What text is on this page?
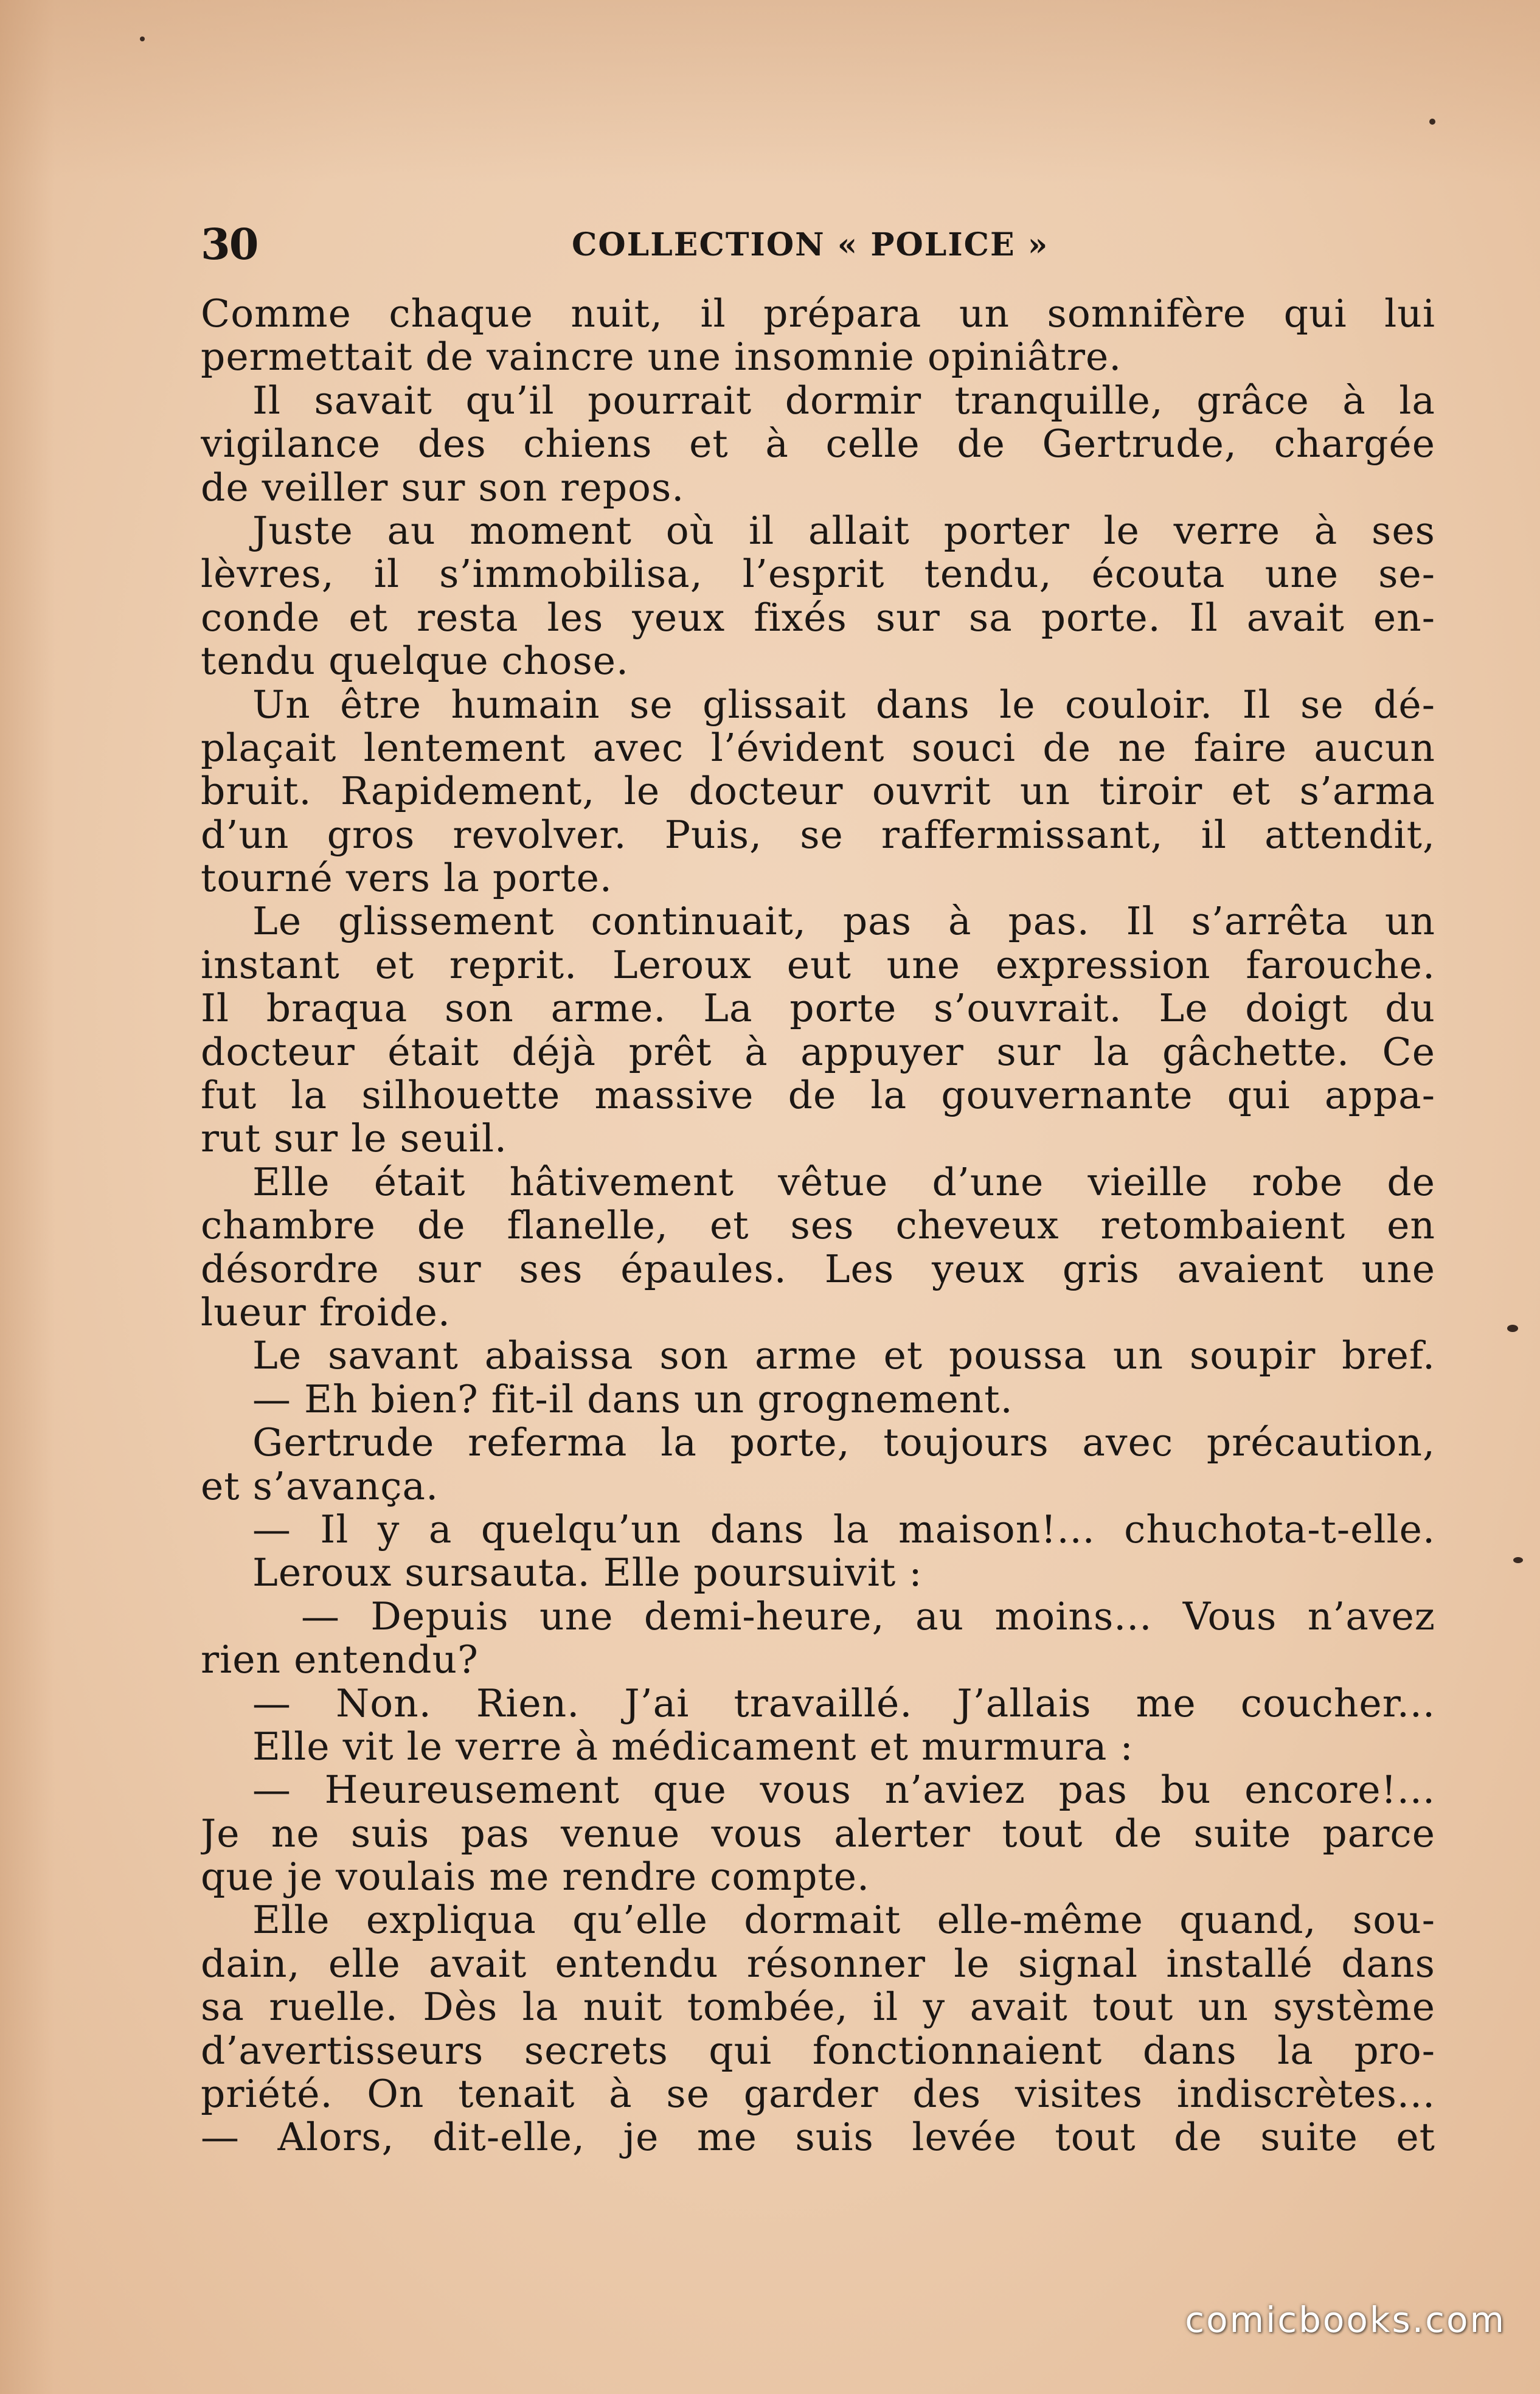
30	COLLECTION « POLICE »
Comme chaque nuit, il prépara un somnifère qui lui
permettait de vaincre une insomnie opiniâtre.
Il savait qu’il pourrait dormir tranquille, grâce à la
vigilance des chiens et à celle de Gertrude, chargée
de veiller sur son repos.
Juste au moment où il allait porter le verre à ses
lèvres, il s’immobilisa, l’esprit tendu, écouta une se-
conde et resta les yeux fixés sur sa porte. Il avait en-
tendu quelque chose.
Un être humain se glissait dans le couloir. Il se dé-
plaçait lentement avec l’évident souci de ne faire aucun
bruit. Rapidement, le docteur ouvrit un tiroir et s’arma
d’un gros revolver. Puis, se raffermissant, il attendit,
tourné vers la porte.
Le glissement continuait, pas à pas. Il s’arrêta un
instant et reprit. Leroux eut une expression farouche.
Il braqua son arme. La porte s’ouvrait. Le doigt du
docteur était déjà prêt à appuyer sur la gâchette. Ce
fut la silhouette massive de la gouvernante qui appa-
rut sur le seuil.
Elle était hâtivement vêtue d’une vieille robe de
chambre de flanelle, et ses cheveux retombaient en
désordre sur ses épaules. Les yeux gris avaient une
lueur froide.
Le savant abaissa son arme et poussa un soupir bref.
— Eh bien? fit-il dans un grognement.
Gertrude referma la porte, toujours avec précaution,
et s’avança.
— Il y a quelqu’un dans la maison!... chuchota-t-elle.
Leroux sursauta. Elle poursuivit :
— Depuis une demi-heure, au moins... Vous n’avez
rien entendu?
— Non. Rien. J’ai travaillé. J’allais me coucher...
Elle vit le verre à médicament et murmura :
— Heureusement que vous n’aviez pas bu encore!...
Je ne suis pas venue vous alerter tout de suite parce
que je voulais me rendre compte.
Elle expliqua qu’elle dormait elle-même quand, sou-
dain, elle avait entendu résonner le signal installé dans
sa ruelle. Dès la nuit tombée, il y avait tout un système
d’avertisseurs secrets qui fonctionnaient dans la pro-
priété. On tenait à se garder des visites indiscrètes...
— Alors, dit-elle, je me suis levée tout de suite et
comicbooks.com
